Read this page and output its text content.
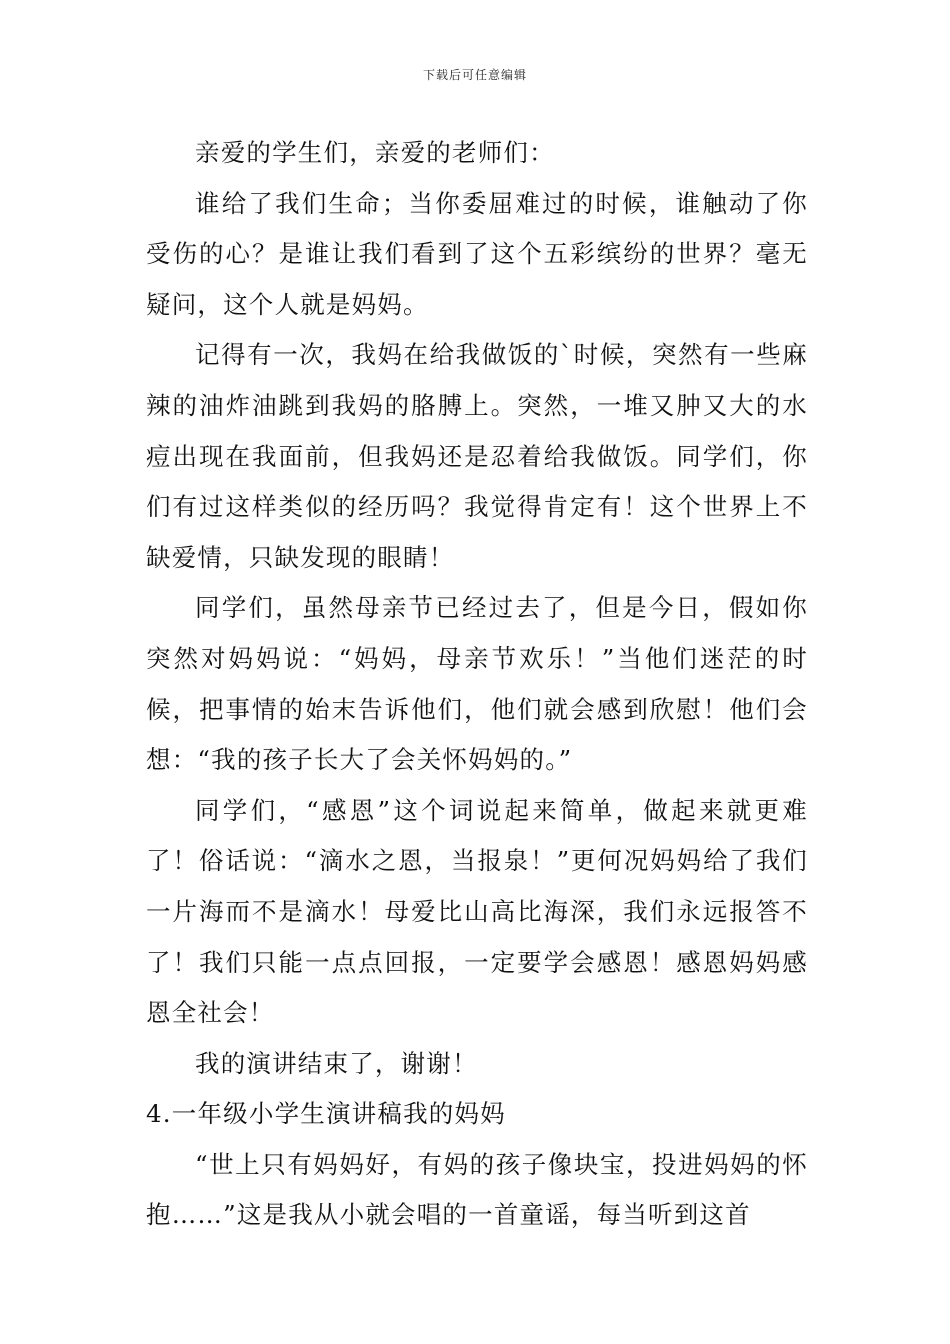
下载后可任意编辑

亲爱的学生们，亲爱的老师们：

谁给了我们生命；当你委屈难过的时候，谁触动了你受伤的心？是谁让我们看到了这个五彩缤纷的世界？毫无疑问，这个人就是妈妈。

记得有一次，我妈在给我做饭的`时候，突然有一些麻辣的油炸油跳到我妈的胳膊上。突然，一堆又肿又大的水痘出现在我面前，但我妈还是忍着给我做饭。同学们，你们有过这样类似的经历吗？我觉得肯定有！这个世界上不缺爱情，只缺发现的眼睛！

同学们，虽然母亲节已经过去了，但是今日，假如你突然对妈妈说：“妈妈，母亲节欢乐！”当他们迷茫的时候，把事情的始末告诉他们，他们就会感到欣慰！他们会想：“我的孩子长大了会关怀妈妈的。”

同学们，“感恩”这个词说起来简单，做起来就更难了！俗话说：“滴水之恩，当报泉！”更何况妈妈给了我们一片海而不是滴水！母爱比山高比海深，我们永远报答不了！我们只能一点点回报，一定要学会感恩！感恩妈妈感恩全社会！

我的演讲结束了，谢谢！

4.一年级小学生演讲稿我的妈妈

“世上只有妈妈好，有妈的孩子像块宝，投进妈妈的怀抱……”这是我从小就会唱的一首童谣，每当听到这首
